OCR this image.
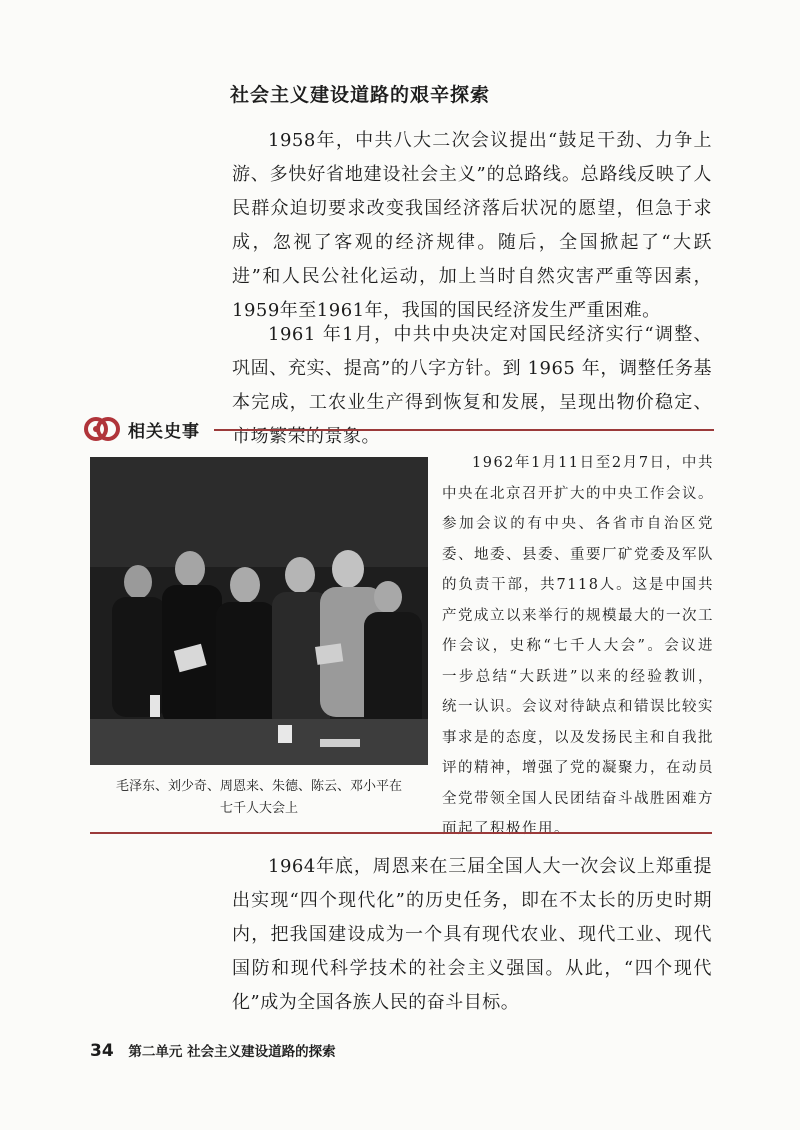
社会主义建设道路的艰辛探索

1958年，中共八大二次会议提出“鼓足干劲、力争上游、多快好省地建设社会主义”的总路线。总路线反映了人民群众迫切要求改变我国经济落后状况的愿望，但急于求成，忽视了客观的经济规律。随后，全国掀起了“大跃进”和人民公社化运动，加上当时自然灾害严重等因素，1959年至1961年，我国的国民经济发生严重困难。

1961 年1月，中共中央决定对国民经济实行“调整、巩固、充实、提高”的八字方针。到 1965 年，调整任务基本完成，工农业生产得到恢复和发展，呈现出物价稳定、市场繁荣的景象。

相关史事

毛泽东、刘少奇、周恩来、朱德、陈云、邓小平在
七千人大会上

1962年1月11日至2月7日，中共中央在北京召开扩大的中央工作会议。参加会议的有中央、各省市自治区党委、地委、县委、重要厂矿党委及军队的负责干部，共7118人。这是中国共产党成立以来举行的规模最大的一次工作会议，史称“七千人大会”。会议进一步总结“大跃进”以来的经验教训，统一认识。会议对待缺点和错误比较实事求是的态度，以及发扬民主和自我批评的精神，增强了党的凝聚力，在动员全党带领全国人民团结奋斗战胜困难方面起了积极作用。

1964年底，周恩来在三届全国人大一次会议上郑重提出实现“四个现代化”的历史任务，即在不太长的历史时期内，把我国建设成为一个具有现代农业、现代工业、现代国防和现代科学技术的社会主义强国。从此，“四个现代化”成为全国各族人民的奋斗目标。

34 第二单元 社会主义建设道路的探索
